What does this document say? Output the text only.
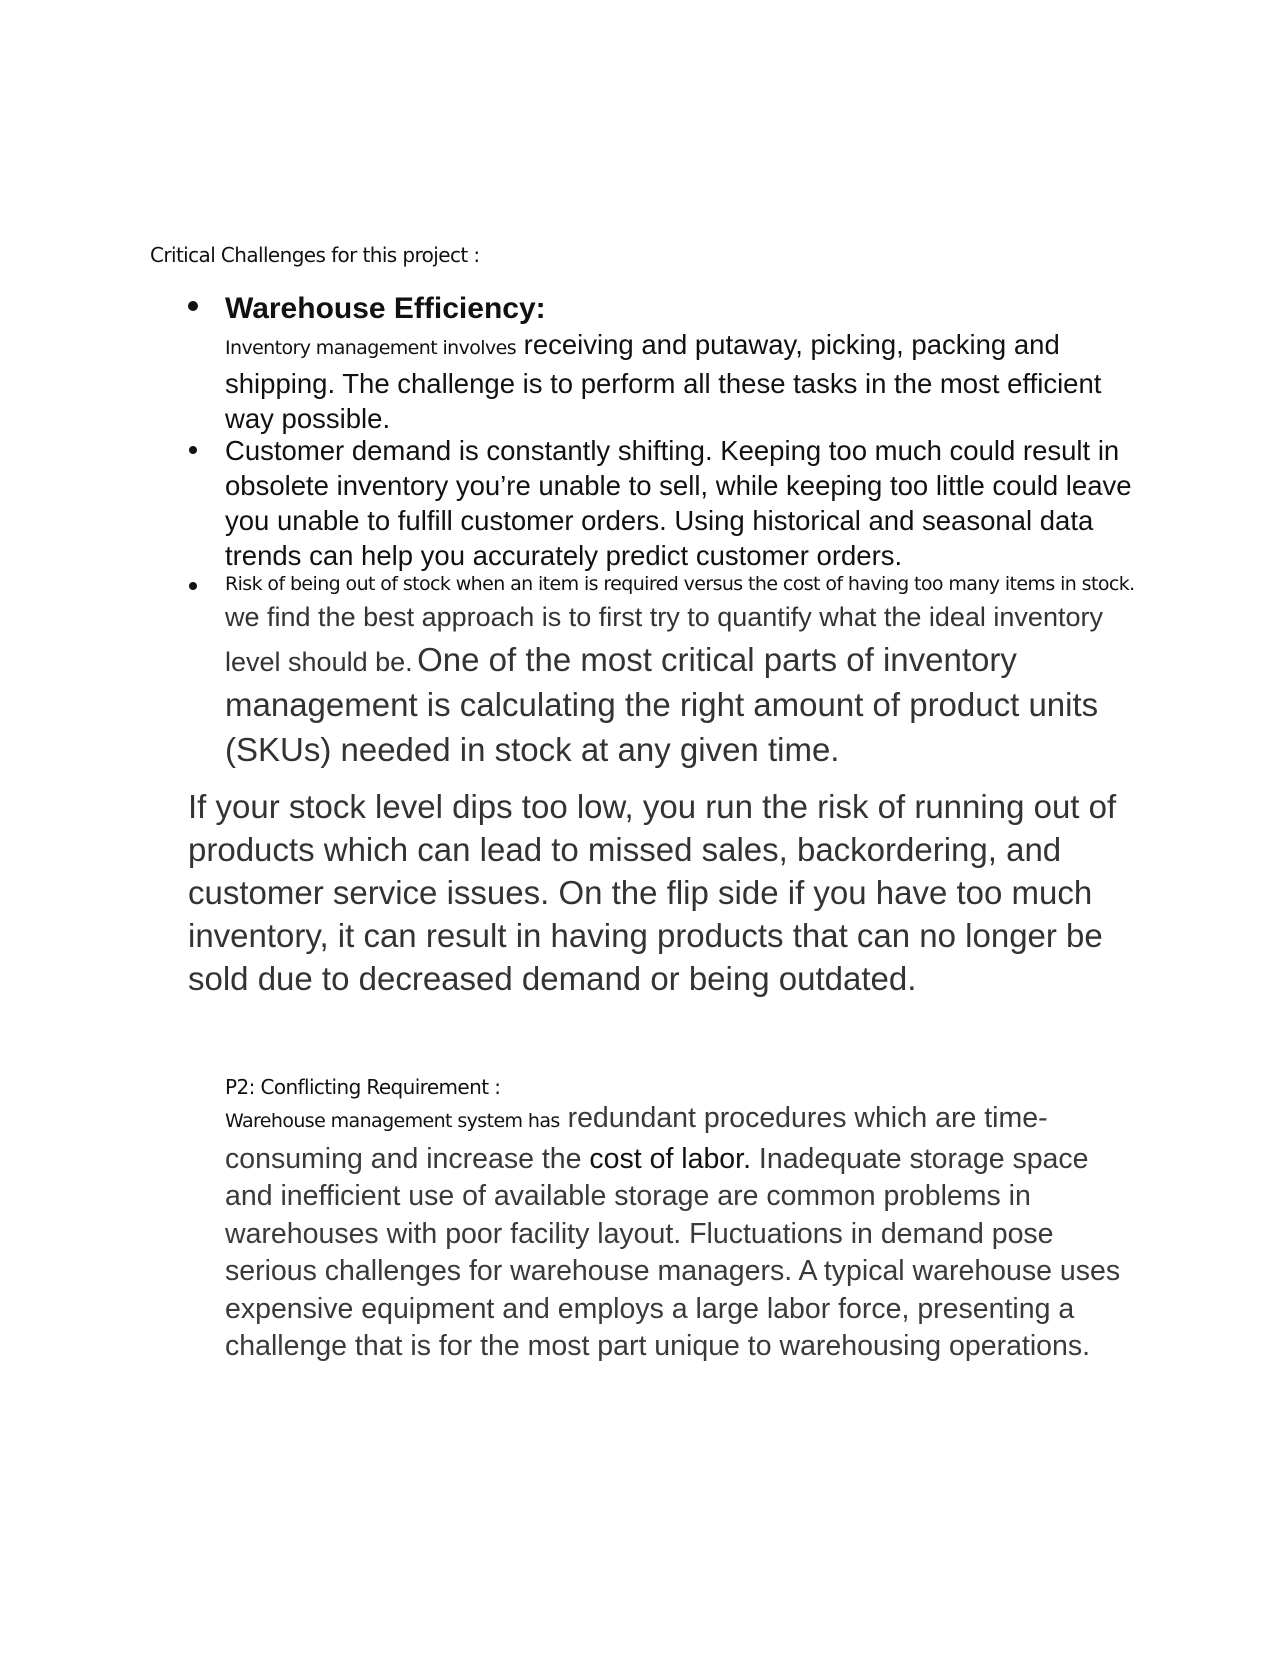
Critical Challenges for this project :
Warehouse Efficiency:
Inventory management involves receiving and putaway, picking, packing and shipping. The challenge is to perform all these tasks in the most efficient way possible.
Customer demand is constantly shifting. Keeping too much could result in obsolete inventory you’re unable to sell, while keeping too little could leave you unable to fulfill customer orders. Using historical and seasonal data trends can help you accurately predict customer orders.
Risk of being out of stock when an item is required versus the cost of having too many items in stock. we find the best approach is to first try to quantify what the ideal inventory level should be. One of the most critical parts of inventory management is calculating the right amount of product units (SKUs) needed in stock at any given time.
If your stock level dips too low, you run the risk of running out of products which can lead to missed sales, backordering, and customer service issues. On the flip side if you have too much inventory, it can result in having products that can no longer be sold due to decreased demand or being outdated.
P2: Conflicting Requirement :
Warehouse management system has redundant procedures which are time-consuming and increase the cost of labor. Inadequate storage space and inefficient use of available storage are common problems in warehouses with poor facility layout. Fluctuations in demand pose serious challenges for warehouse managers. A typical warehouse uses expensive equipment and employs a large labor force, presenting a challenge that is for the most part unique to warehousing operations.
